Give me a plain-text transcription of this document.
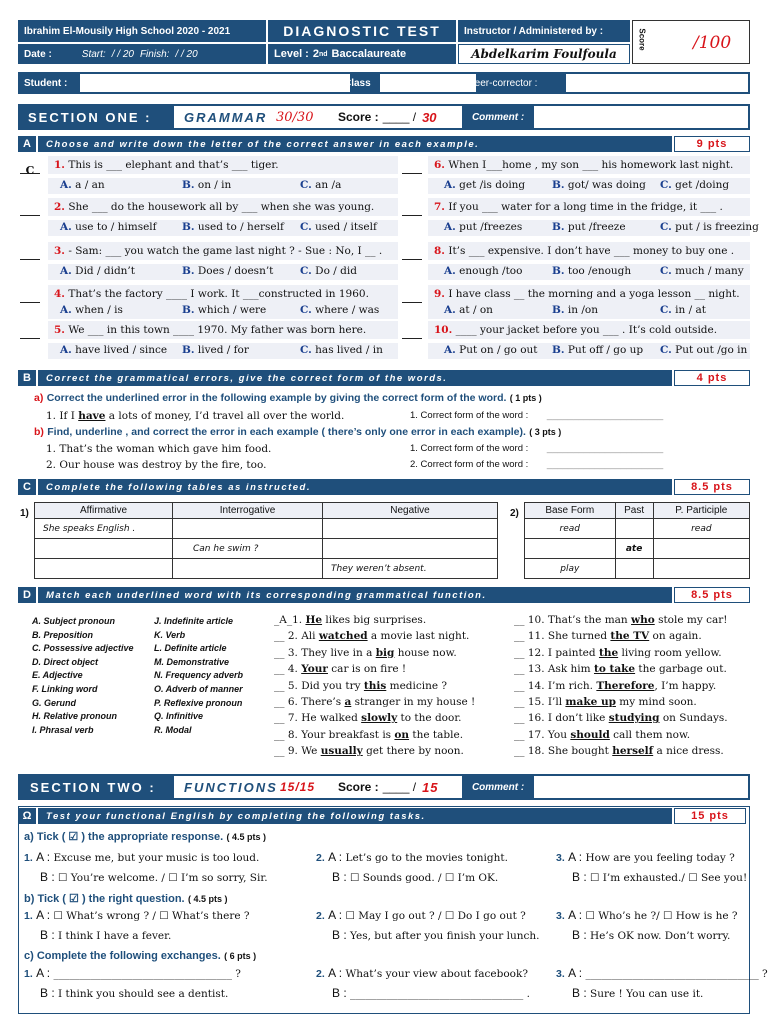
Ibrahim El-Mousily High School 2020 - 2021	DIAGNOSTIC TEST Instructor / Administered by :
Date :	Start: / / 20 Finish: / / 20	Level : 2 nd Baccalaureate	Abdelkarim Foulfoula
Score	/100
Student :	Class	Peer-corrector :
SECTION ONE : GRAMMAR 30/30	Score : ____ / 30	Comment :
A	Choose and write down the letter of the correct answer in each example.	9 pts
C	1.
This is ___ elephant and that’s ___ tiger.
A. a / an	B. on / in	C. an /a
2.
She ___ do the housework all by ___ when she was young.
A. use to / himself B. used to / herself C. used / itself
3.
- Sam: ___ you watch the game last night ? - Sue : No, I __ .
A. Did / didn’t	B. Does / doesn’t	C. Do / did
4.
That’s the factory ____ I work. It ___constructed in 1960.
A. when / is	B. which / were	C. where / was
5.
We ___ in this town ____ 1970. My father was born here.
A. have lived / since B. lived / for	C. has lived / in
6.
When I___home , my son ___ his homework last night.
A. get /is doing	B. got/ was doing C. get /doing
7.
If you ___ water for a long time in the fridge, it ___ .
A. put /freezes	B. put /freeze	C. put / is freezing
8.
It’s ___ expensive. I don’t have ___ money to buy one .
A. enough /too	B. too /enough	C. much / many
9.
I have class __ the morning and a yoga lesson __ night.
A. at / on	B. in /on	C. in / at
10.
____ your jacket before you ___ . It’s cold outside.
A. Put on / go out B. Put off / go up C. Put out /go in
B	Correct the grammatical errors, give the correct form of the words.	4 pts
a) Correct the underlined error in the following example by giving the correct form of the word. ( 1 pts )
1. If I have a lots of money, I’d travel all over the world.	1. Correct form of the word : ______________________
b) Find, underline , and correct the error in each example ( there’s only one error in each example). ( 3 pts )
1. That’s the woman which gave him food.
2. Our house was destroy by the fire, too.
1. Correct form of the word : ______________________
2. Correct form of the word : ______________________
C	Complete the following tables as instructed.	8.5 pts
1)	Affirmative	Interrogative	Negative
She speaks English .		
	Can he swim ?	
		They weren’t absent.
2)	Base Form	Past	P. Participle
read		read
	ate	
play		
D	Match each underlined word with its corresponding grammatical function.	8.5 pts
A. Subject pronoun	J. Indefinite article
B. Preposition	K. Verb
C. Possessive adjective L. Definite article
D. Direct object	M. Demonstrative
E. Adjective	N. Frequency adverb
F. Linking word	O. Adverb of manner
G. Gerund	P. Reflexive pronoun
H. Relative pronoun	Q. Infinitive
I. Phrasal verb	R. Modal
_A_1. He likes big surprises.	__ 10. That’s the man who stole my car!
__ 2. Ali watched a movie last night.	__ 11. She turned the TV on again.
__ 3. They live in a big house now.	__ 12. I painted the living room yellow.
__ 4. Your car is on fire !	__ 13. Ask him to take the garbage out.
__ 5. Did you try this medicine ?	__ 14. I’m rich. Therefore, I’m happy.
__ 6. There’s a stranger in my house !	__ 15. I’ll make up my mind soon.
__ 7. He walked slowly to the door.	__ 16. I don’t like studying on Sundays.
__ 8. Your breakfast is on the table.	__ 17. You should call them now.
__ 9. We usually get there by noon.	__ 18. She bought herself a nice dress.
SECTION TWO : FUNCTIONS 15/15	Score : ____ / 15	Comment :
Ω	Test your functional English by completing the following tasks.	15 pts
a) Tick ( ☑ ) the appropriate response. ( 4.5 pts )
b) Tick ( ☑ ) the right question. ( 4.5 pts )
c) Complete the following exchanges. ( 6 pts )
1. A : Excuse me, but your music is too loud.
B : ☐ You’re welcome. / ☐ I’m so sorry, Sir.
2. A : Let’s go to the movies tonight.
B : ☐ Sounds good. / ☐ I’m OK.
3. A : How are you feeling today ?
B : ☐ I’m exhausted./ ☐ See you!
1. A : ☐ What’s wrong ? / ☐ What’s there ?
B : I think I have a fever.
2. A : ☐ May I go out ? / ☐ Do I go out ?
B : Yes, but after you finish your lunch.
3. A : ☐ Who’s he ?/ ☐ How is he ?
B : He’s OK now. Don’t worry.
1. A : __________________________________ ?
B : I think you should see a dentist.
2. A : What’s your view about facebook?
B : _________________________________ .
3. A : _________________________________ ?
B : Sure ! You can use it.
